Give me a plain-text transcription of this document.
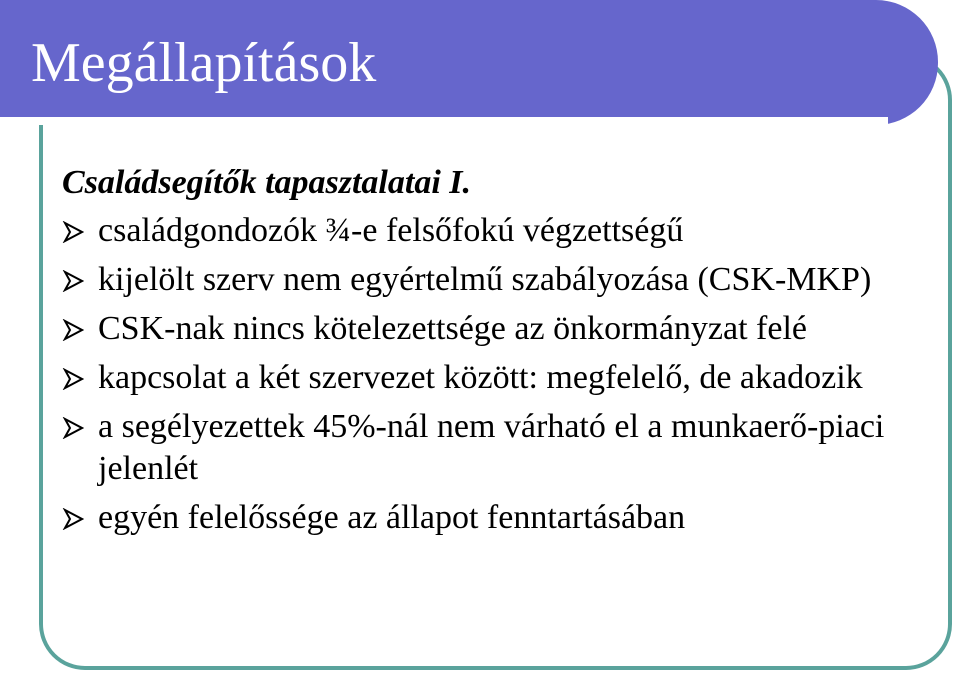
Megállapítások

Családsegítők tapasztalatai I.

családgondozók ¾-e felsőfokú végzettségű
kijelölt szerv nem egyértelmű szabályozása (CSK-MKP)
CSK-nak nincs kötelezettsége az önkormányzat felé
kapcsolat a két szervezet között: megfelelő, de akadozik
a segélyezettek 45%-nál nem várható el a munkaerő-piaci jelenlét
egyén felelőssége az állapot fenntartásában
